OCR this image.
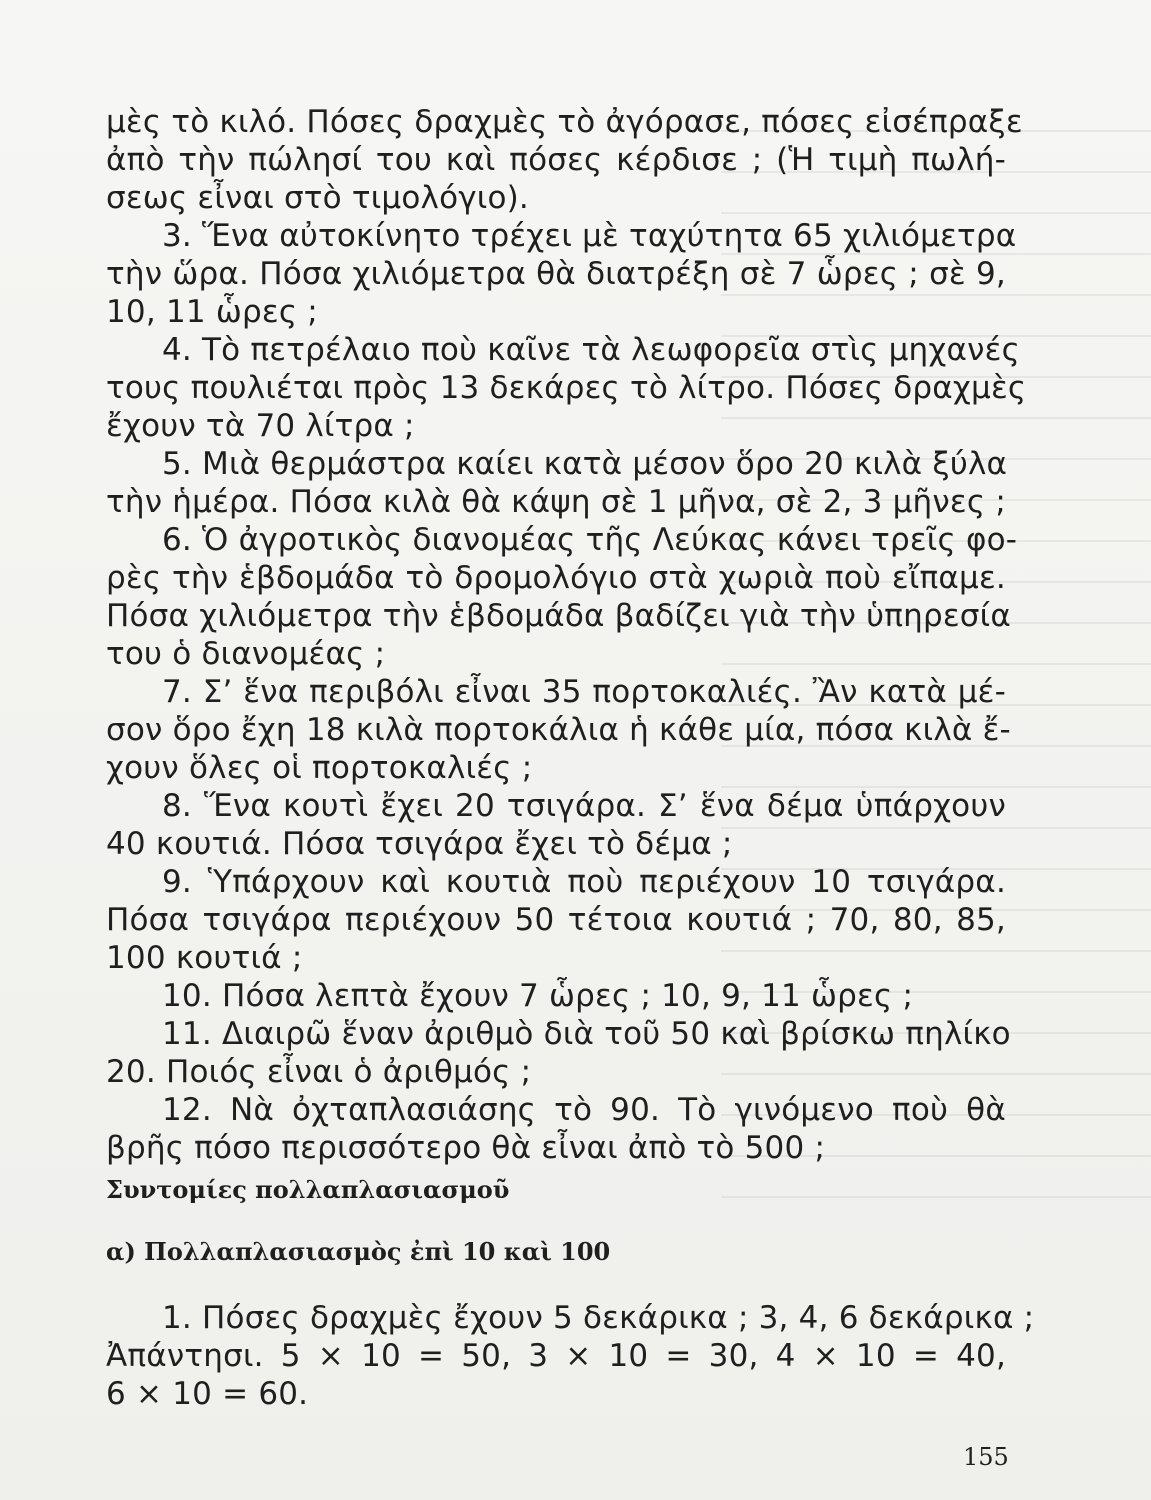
μὲς τὸ κιλό. Πόσες δραχμὲς τὸ ἀγόρασε, πόσες εἰσέπραξε
ἀπὸ τὴν πώλησί του καὶ πόσες κέρδισε ; (Ἡ τιμὴ πωλή-
σεως εἶναι στὸ τιμολόγιο).
3. Ἕνα αὐτοκίνητο τρέχει μὲ ταχύτητα 65 χιλιόμετρα
τὴν ὥρα. Πόσα χιλιόμετρα θὰ διατρέξη σὲ 7 ὧρες ; σὲ 9,
10, 11 ὧρες ;
4. Τὸ πετρέλαιο ποὺ καῖνε τὰ λεωφορεῖα στὶς μηχανές
τους πουλιέται πρὸς 13 δεκάρες τὸ λίτρο. Πόσες δραχμὲς
ἔχουν τὰ 70 λίτρα ;
5. Μιὰ θερμάστρα καίει κατὰ μέσον ὅρο 20 κιλὰ ξύλα
τὴν ἡμέρα. Πόσα κιλὰ θὰ κάψη σὲ 1 μῆνα, σὲ 2, 3 μῆνες ;
6. Ὁ ἀγροτικὸς διανομέας τῆς Λεύκας κάνει τρεῖς φο-
ρὲς τὴν ἑβδομάδα τὸ δρομολόγιο στὰ χωριὰ ποὺ εἴπαμε.
Πόσα χιλιόμετρα τὴν ἑβδομάδα βαδίζει γιὰ τὴν ὑπηρεσία
του ὁ διανομέας ;
7. Σ’ ἕνα περιβόλι εἶναι 35 πορτοκαλιές. Ἂν κατὰ μέ-
σον ὅρο ἔχη 18 κιλὰ πορτοκάλια ἡ κάθε μία, πόσα κιλὰ ἔ-
χουν ὅλες οἱ πορτοκαλιές ;
8. Ἕνα κουτὶ ἔχει 20 τσιγάρα. Σ’ ἕνα δέμα ὑπάρχουν
40 κουτιά. Πόσα τσιγάρα ἔχει τὸ δέμα ;
9. Ὑπάρχουν καὶ κουτιὰ ποὺ περιέχουν 10 τσιγάρα.
Πόσα τσιγάρα περιέχουν 50 τέτοια κουτιά ; 70, 80, 85,
100 κουτιά ;
10. Πόσα λεπτὰ ἔχουν 7 ὧρες ; 10, 9, 11 ὧρες ;
11. Διαιρῶ ἕναν ἀριθμὸ διὰ τοῦ 50 καὶ βρίσκω πηλίκο
20. Ποιός εἶναι ὁ ἀριθμός ;
12. Νὰ ὀχταπλασιάσης τὸ 90. Τὸ γινόμενο ποὺ θὰ
βρῆς πόσο περισσότερο θὰ εἶναι ἀπὸ τὸ 500 ;
Συντομίες πολλαπλασιασμοῦ
α) Πολλαπλασιασμὸς ἐπὶ 10 καὶ 100
1. Πόσες δραχμὲς ἔχουν 5 δεκάρικα ; 3, 4, 6 δεκάρικα ;
Ἀπάντησι. 5 × 10 = 50, 3 × 10 = 30, 4 × 10 = 40,
6 × 10 = 60.
155
